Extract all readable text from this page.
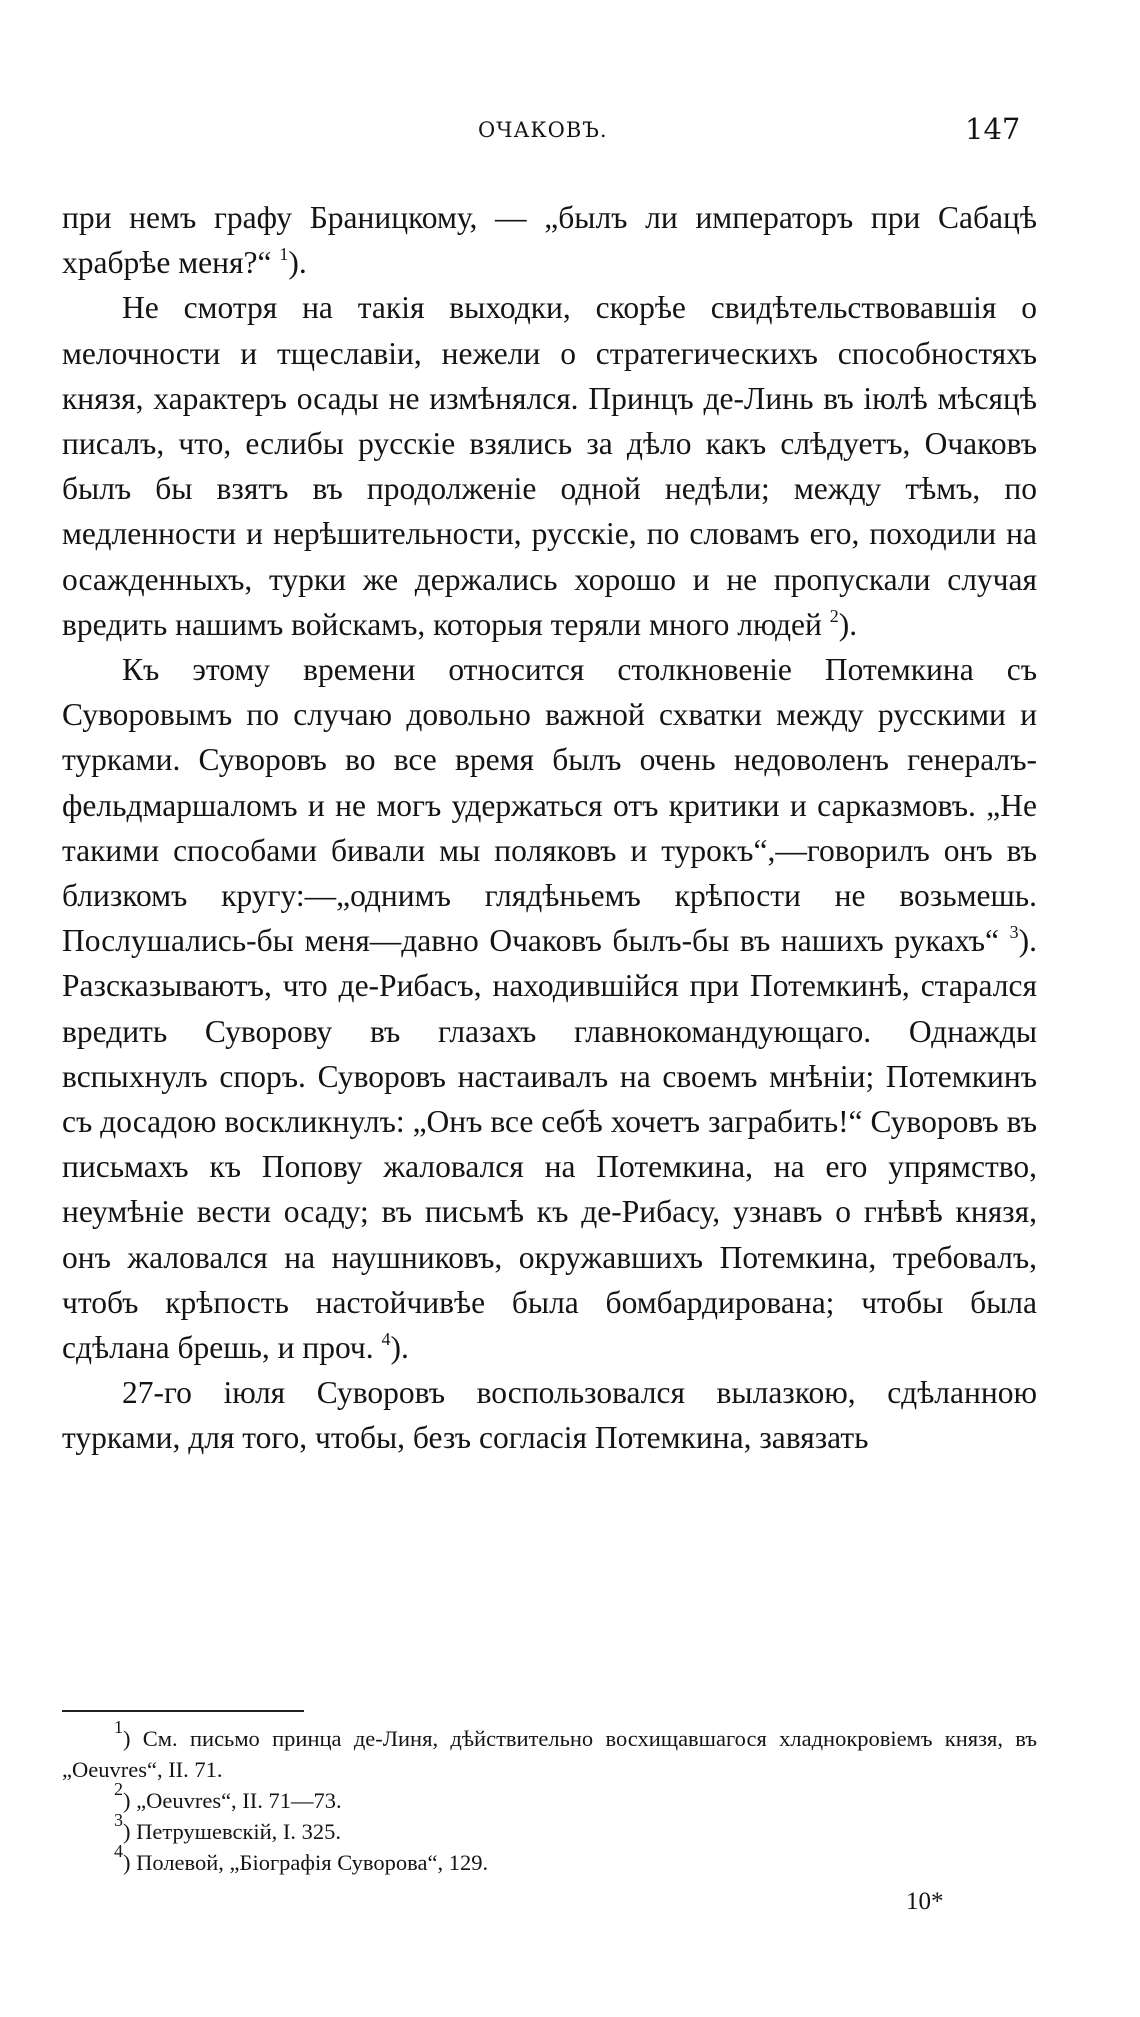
ОЧАКОВЪ.	147

при немъ графу Браницкому, — „былъ ли императоръ при Сабацѣ храбрѣе меня?“ $^1$).

Не смотря на такія выходки, скорѣе свидѣтельствовавшія о мелочности и тщеславіи, нежели о стратегическихъ способностяхъ князя, характеръ осады не измѣнялся. Принцъ де-Линь въ іюлѣ мѣсяцѣ писалъ, что, еслибы русскіе взялись за дѣло какъ слѣдуетъ, Очаковъ былъ бы взятъ въ продолженіе одной недѣли; между тѣмъ, по медленности и нерѣшительности, русскіе, по словамъ его, походили на осажденныхъ, турки же держались хорошо и не пропускали случая вредить нашимъ войскамъ, которыя теряли много людей $^2$).

Къ этому времени относится столкновеніе Потемкина съ Суворовымъ по случаю довольно важной схватки между русскими и турками. Суворовъ во все время былъ очень недоволенъ генералъ-фельдмаршаломъ и не могъ удержаться отъ критики и сарказмовъ. „Не такими способами бивали мы поляковъ и турокъ“,—говорилъ онъ въ близкомъ кругу:—„однимъ глядѣньемъ крѣпости не возьмешь. Послушались-бы меня—давно Очаковъ былъ-бы въ нашихъ рукахъ“ $^3$). Разсказываютъ, что де-Рибасъ, находившійся при Потемкинѣ, старался вредить Суворову въ глазахъ главнокомандующаго. Однажды вспыхнулъ споръ. Суворовъ настаивалъ на своемъ мнѣніи; Потемкинъ съ досадою воскликнулъ: „Онъ все себѣ хочетъ заграбить!“ Суворовъ въ письмахъ къ Попову жаловался на Потемкина, на его упрямство, неумѣніе вести осаду; въ письмѣ къ де-Рибасу, узнавъ о гнѣвѣ князя, онъ жаловался на наушниковъ, окружавшихъ Потемкина, требовалъ, чтобъ крѣпость настойчивѣе была бомбардирована; чтобы была сдѣлана брешь, и проч. $^4$).

27-го іюля Суворовъ воспользовался вылазкою, сдѣланною турками, для того, чтобы, безъ согласія Потемкина, завязать

$^1$) См. письмо принца де-Линя, дѣйствительно восхищавшагося хладнокровіемъ князя, въ „Oeuvres“, II. 71.

$^2$) „Oeuvres“, II. 71—73.

$^3$) Петрушевскій, I. 325.

$^4$) Полевой, „Біографія Суворова“, 129.

10*
